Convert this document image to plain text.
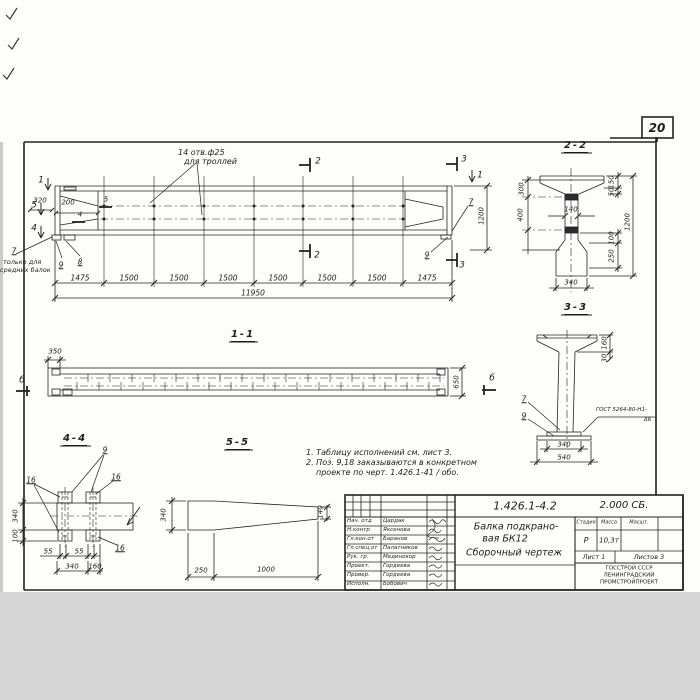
20
14 отв.ф25
для троллей
1
5
4
5
4
2
2
3
3
1
320 200	7
9
9 8
7
только для
средних балок
1475	1500	1500	1500	1500	1500	1500	1475
11950
1200
1-1
350
650
б	б
2-2
300
400	140
150
50
1200
100
250
340
3-3
160
30
340
540
7
9
ГОСТ 5264-80-Н1-
Δ6
4-4
9
16	16
16
340
100
55	55
340 160
5-5
340	140
250	1000
1. Таблицу исполнений см. лист 3.
2. Поз. 9,18 заказываются в конкретном
проекте по черт. 1.426.1-41 / обо.
1.426.1-4.2	2.000 СБ.
Балка подкрано-
вая БК12
Сборочный чертеж
Стадия Масса Масшт.
Р 10,3т
Лист 1	Листов 3
ГОССТРОЙ СССР
ЛЕНИНГРАДСКИЙ
ПРОМСТРОЙПРОЕКТ
Нач. отд Цардак
Н.контр Яксенова
Гл.кон.от Баранов
Гл.спец.от Палатников
Рук. гр.	Мединокор
Проект. Гордеева
Провер. Гордеева
Исполн. Бобович
